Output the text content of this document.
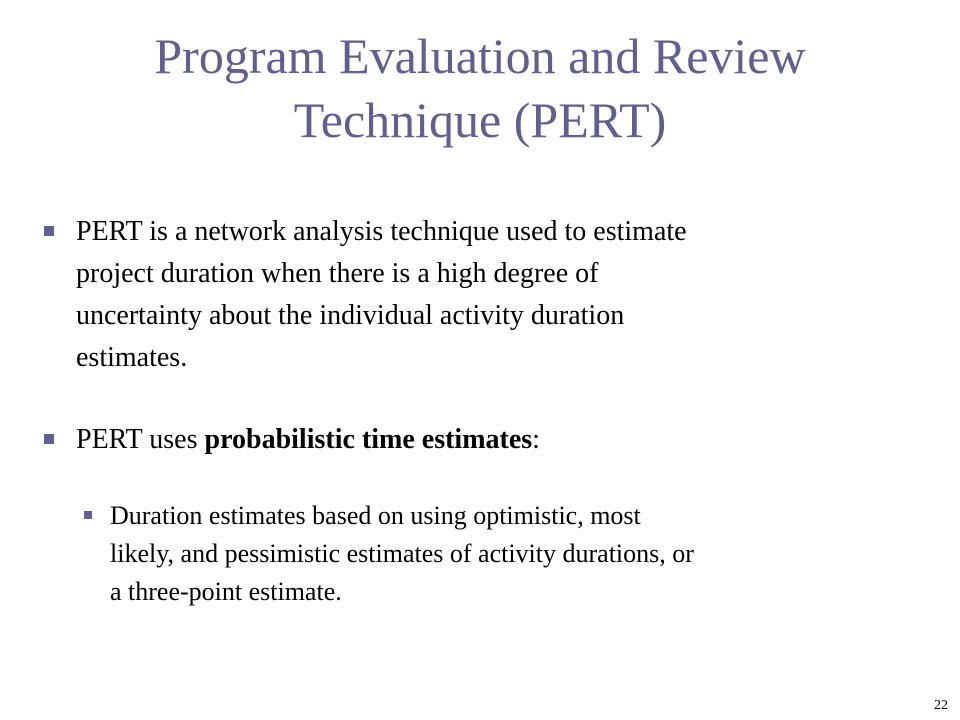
Program Evaluation and Review
Technique (PERT)
PERT is a network analysis technique used to estimate
project duration when there is a high degree of
uncertainty about the individual activity duration
estimates.
PERT uses probabilistic time estimates:
Duration estimates based on using optimistic, most
likely, and pessimistic estimates of activity durations, or
a three-point estimate.
22
